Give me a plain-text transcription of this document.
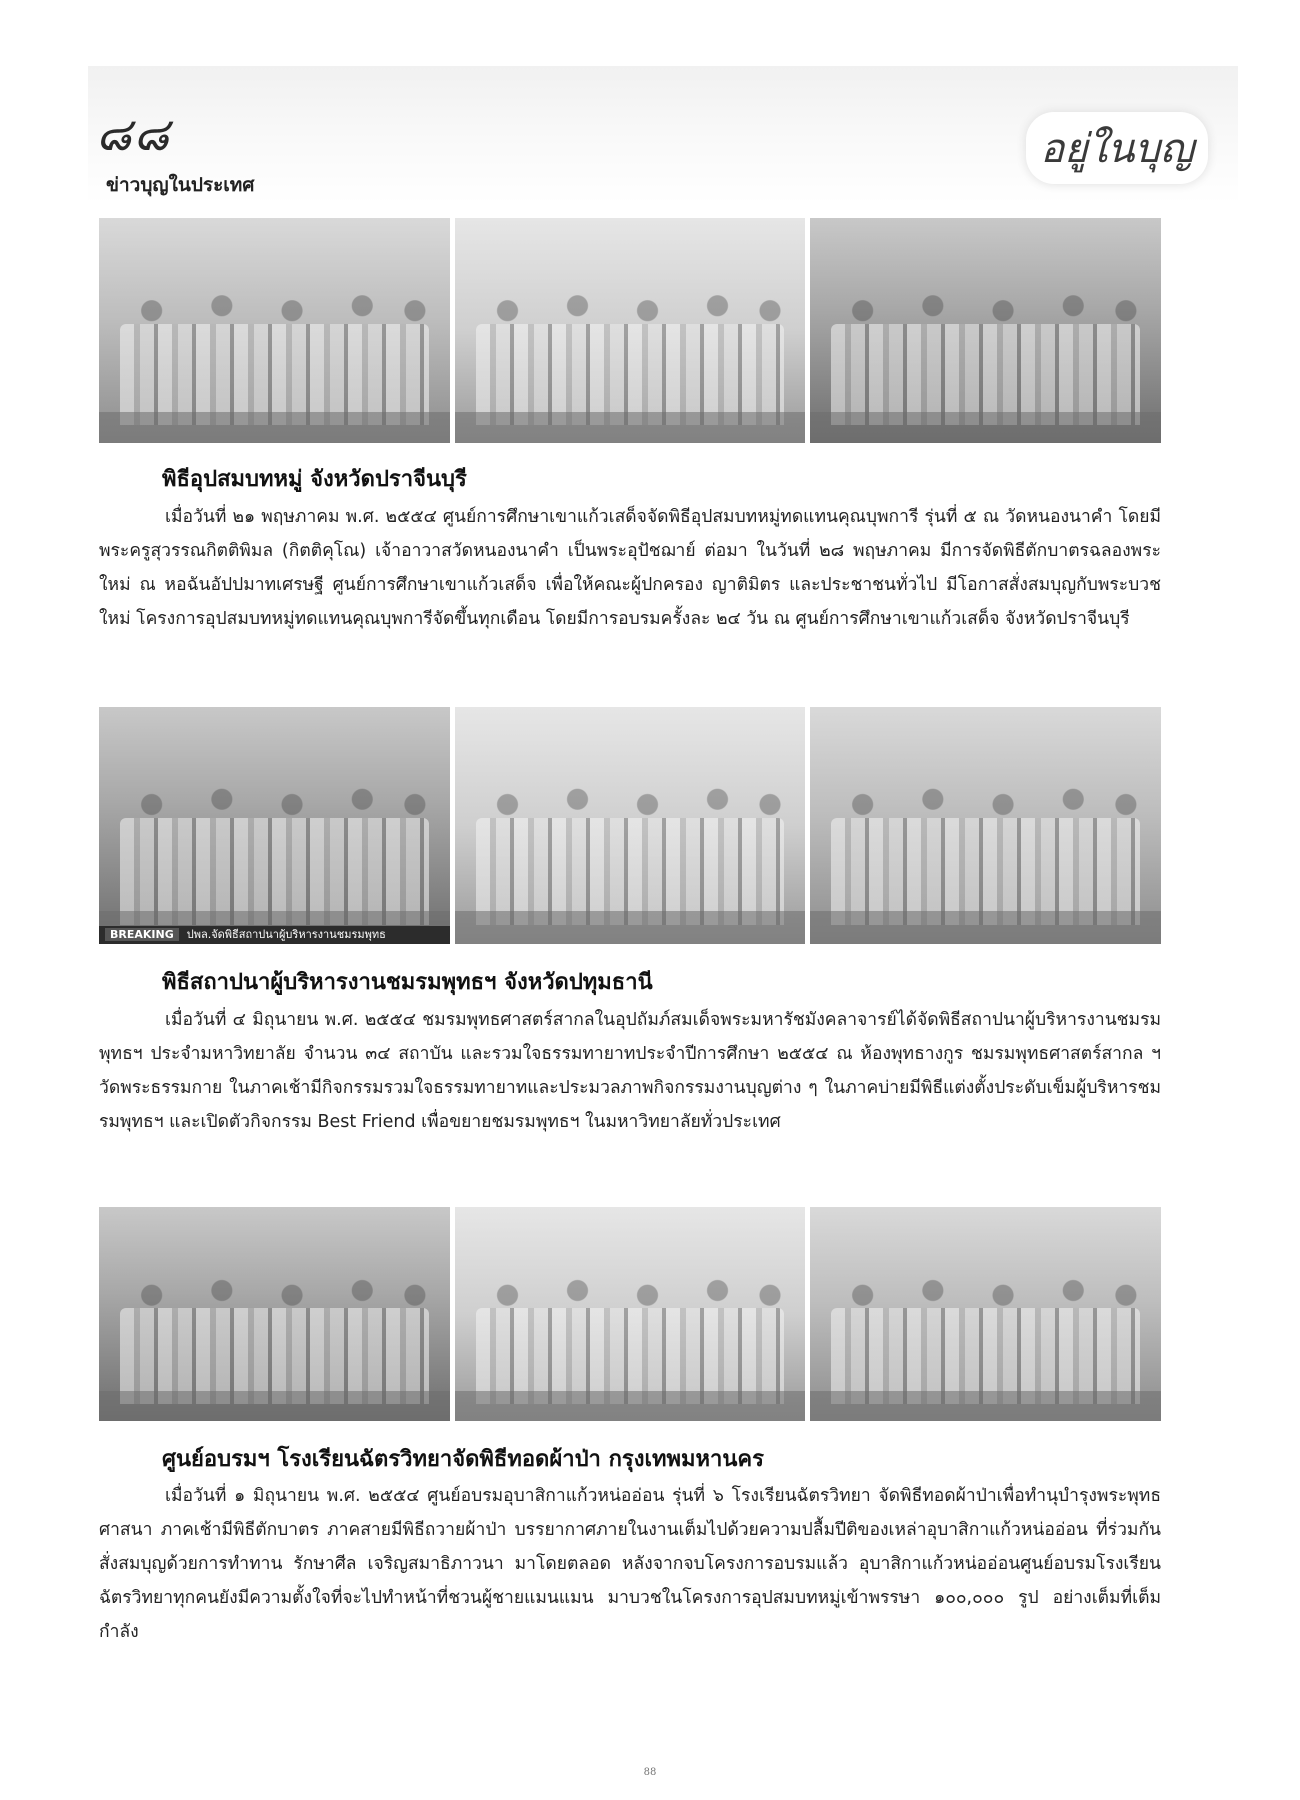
๘๘	อยู่ในบุญ
ข่าวบุญในประเทศ
พิธีอุปสมบทหมู่ จังหวัดปราจีนบุรี

เมื่อวันที่ ๒๑ พฤษภาคม พ.ศ. ๒๕๕๔ ศูนย์การศึกษาเขาแก้วเสด็จจัดพิธีอุปสมบทหมู่ทดแทนคุณบุพการี รุ่นที่ ๕ ณ วัดหนองนาคำ โดยมีพระครูสุวรรณกิตติพิมล (กิตติคุโณ) เจ้าอาวาสวัดหนองนาคำ เป็นพระอุปัชฌาย์ ต่อมา ในวันที่ ๒๘ พฤษภาคม มีการจัดพิธีตักบาตรฉลองพระใหม่ ณ หอฉันอัปปมาทเศรษฐี ศูนย์การศึกษาเขาแก้วเสด็จ เพื่อให้คณะผู้ปกครอง ญาติมิตร และประชาชนทั่วไป มีโอกาสสั่งสมบุญกับพระบวชใหม่ โครงการอุปสมบทหมู่ทดแทนคุณบุพการีจัดขึ้นทุกเดือน โดยมีการอบรมครั้งละ ๒๔ วัน ณ ศูนย์การศึกษาเขาแก้วเสด็จ จังหวัดปราจีนบุรี

BREAKING ปพล.จัดพิธีสถาปนาผู้บริหารงานชมรมพุทธ
พิธีสถาปนาผู้บริหารงานชมรมพุทธฯ จังหวัดปทุมธานี

เมื่อวันที่ ๔ มิถุนายน พ.ศ. ๒๕๕๔ ชมรมพุทธศาสตร์สากลในอุปถัมภ์สมเด็จพระมหารัชมังคลาจารย์ได้จัดพิธีสถาปนาผู้บริหารงานชมรมพุทธฯ ประจำมหาวิทยาลัย จำนวน ๓๔ สถาบัน และรวมใจธรรมทายาทประจำปีการศึกษา ๒๕๕๔ ณ ห้องพุทธางกูร ชมรมพุทธศาสตร์สากล ฯ วัดพระธรรมกาย ในภาคเช้ามีกิจกรรมรวมใจธรรมทายาทและประมวลภาพกิจกรรมงานบุญต่าง ๆ ในภาคบ่ายมีพิธีแต่งตั้งประดับเข็มผู้บริหารชมรมพุทธฯ และเปิดตัวกิจกรรม Best Friend เพื่อขยายชมรมพุทธฯ ในมหาวิทยาลัยทั่วประเทศ

ศูนย์อบรมฯ โรงเรียนฉัตรวิทยาจัดพิธีทอดผ้าป่า กรุงเทพมหานคร

เมื่อวันที่ ๑ มิถุนายน พ.ศ. ๒๕๕๔ ศูนย์อบรมอุบาสิกาแก้วหน่ออ่อน รุ่นที่ ๖ โรงเรียนฉัตรวิทยา จัดพิธีทอดผ้าป่าเพื่อทำนุบำรุงพระพุทธศาสนา ภาคเช้ามีพิธีตักบาตร ภาคสายมีพิธีถวายผ้าป่า บรรยากาศภายในงานเต็มไปด้วยความปลื้มปีติของเหล่าอุบาสิกาแก้วหน่ออ่อน ที่ร่วมกันสั่งสมบุญด้วยการทำทาน รักษาศีล เจริญสมาธิภาวนา มาโดยตลอด หลังจากจบโครงการอบรมแล้ว อุบาสิกาแก้วหน่ออ่อนศูนย์อบรมโรงเรียนฉัตรวิทยาทุกคนยังมีความตั้งใจที่จะไปทำหน้าที่ชวนผู้ชายแมนแมน มาบวชในโครงการอุปสมบทหมู่เข้าพรรษา ๑๐๐,๐๐๐ รูป อย่างเต็มที่เต็มกำลัง

88
